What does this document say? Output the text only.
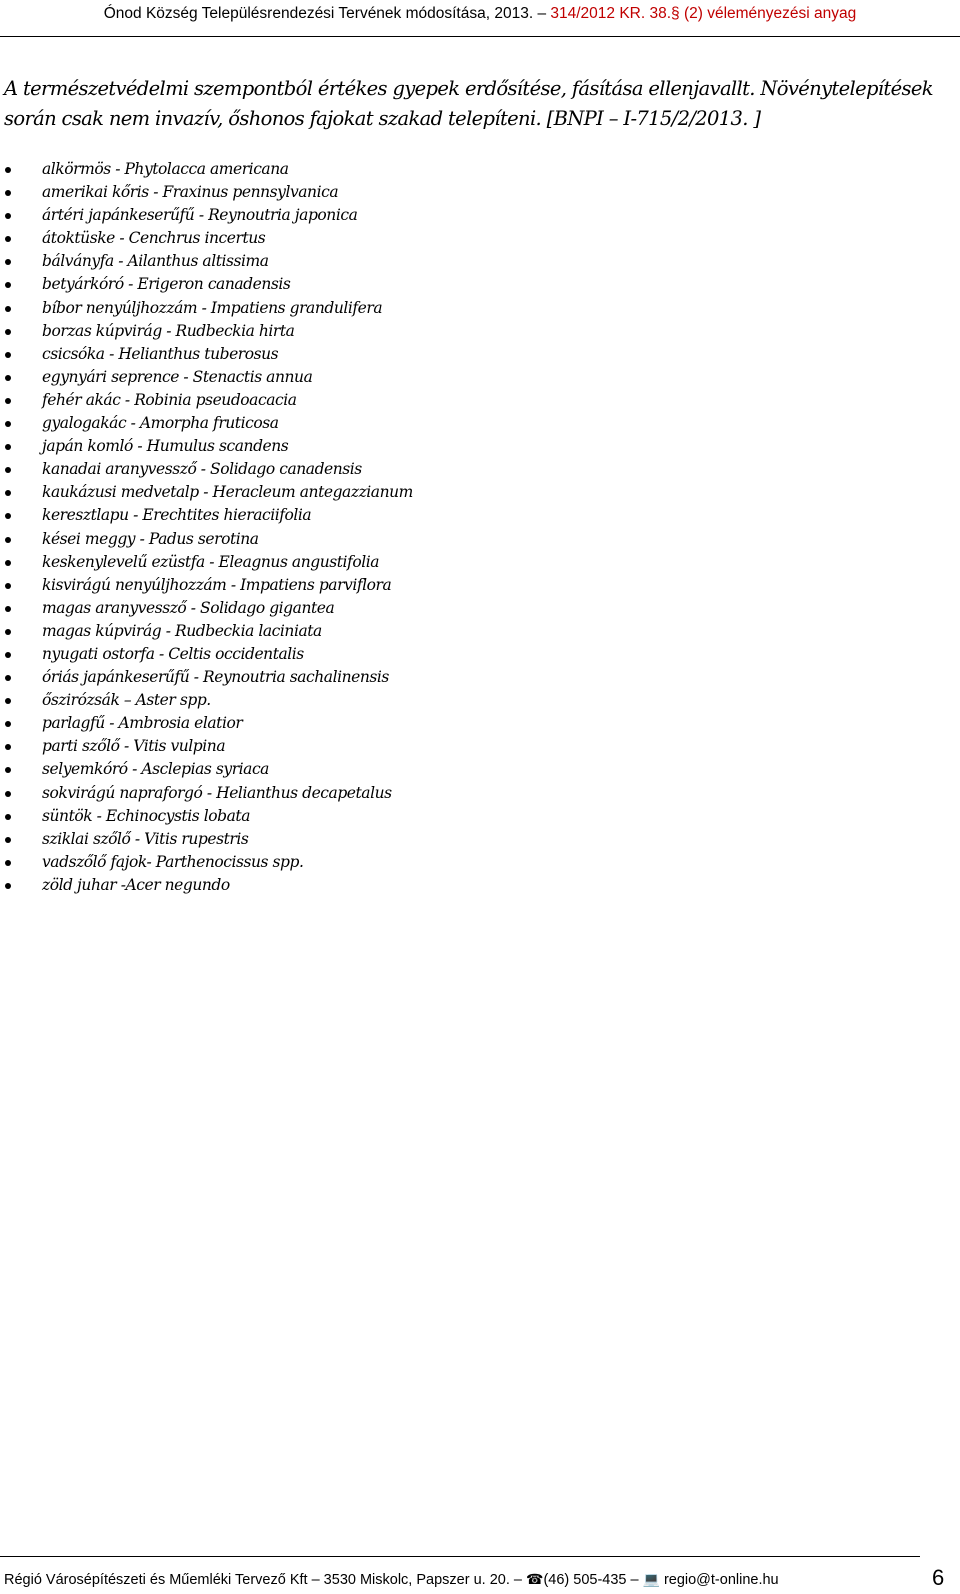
Ónod Község Településrendezési Tervének módosítása, 2013. – 314/2012 KR. 38.§ (2) véleményezési anyag

A természetvédelmi szempontból értékes gyepek erdősítése, fásítása ellenjavallt. Növénytelepítések során csak nem invazív, őshonos fajokat szakad telepíteni. [BNPI – I-715/2/2013. ]

alkörmös - Phytolacca americana
amerikai kőris - Fraxinus pennsylvanica
ártéri japánkeserűfű - Reynoutria japonica
átoktüske - Cenchrus incertus
bálványfa - Ailanthus altissima
betyárkóró - Erigeron canadensis
bíbor nenyúljhozzám - Impatiens grandulifera
borzas kúpvirág - Rudbeckia hirta
csicsóka - Helianthus tuberosus
egynyári seprence - Stenactis annua
fehér akác - Robinia pseudoacacia
gyalogakác - Amorpha fruticosa
japán komló - Humulus scandens
kanadai aranyvessző - Solidago canadensis
kaukázusi medvetalp - Heracleum antegazzianum
keresztlapu - Erechtites hieraciifolia
kései meggy - Padus serotina
keskenylevelű ezüstfa - Eleagnus angustifolia
kisvirágú nenyúljhozzám - Impatiens parviflora
magas aranyvessző - Solidago gigantea
magas kúpvirág - Rudbeckia laciniata
nyugati ostorfa - Celtis occidentalis
óriás japánkeserűfű - Reynoutria sachalinensis
őszirózsák – Aster spp.
parlagfű - Ambrosia elatior
parti szőlő - Vitis vulpina
selyemkóró - Asclepias syriaca
sokvirágú napraforgó - Helianthus decapetalus
süntök - Echinocystis lobata
sziklai szőlő - Vitis rupestris
vadszőlő fajok- Parthenocissus spp.
zöld juhar -Acer negundo
Régió Városépítészeti és Műemléki Tervező Kft – 3530 Miskolc, Papszer u. 20. – ☎(46) 505-435 – 💻 regio@t-online.hu	6
